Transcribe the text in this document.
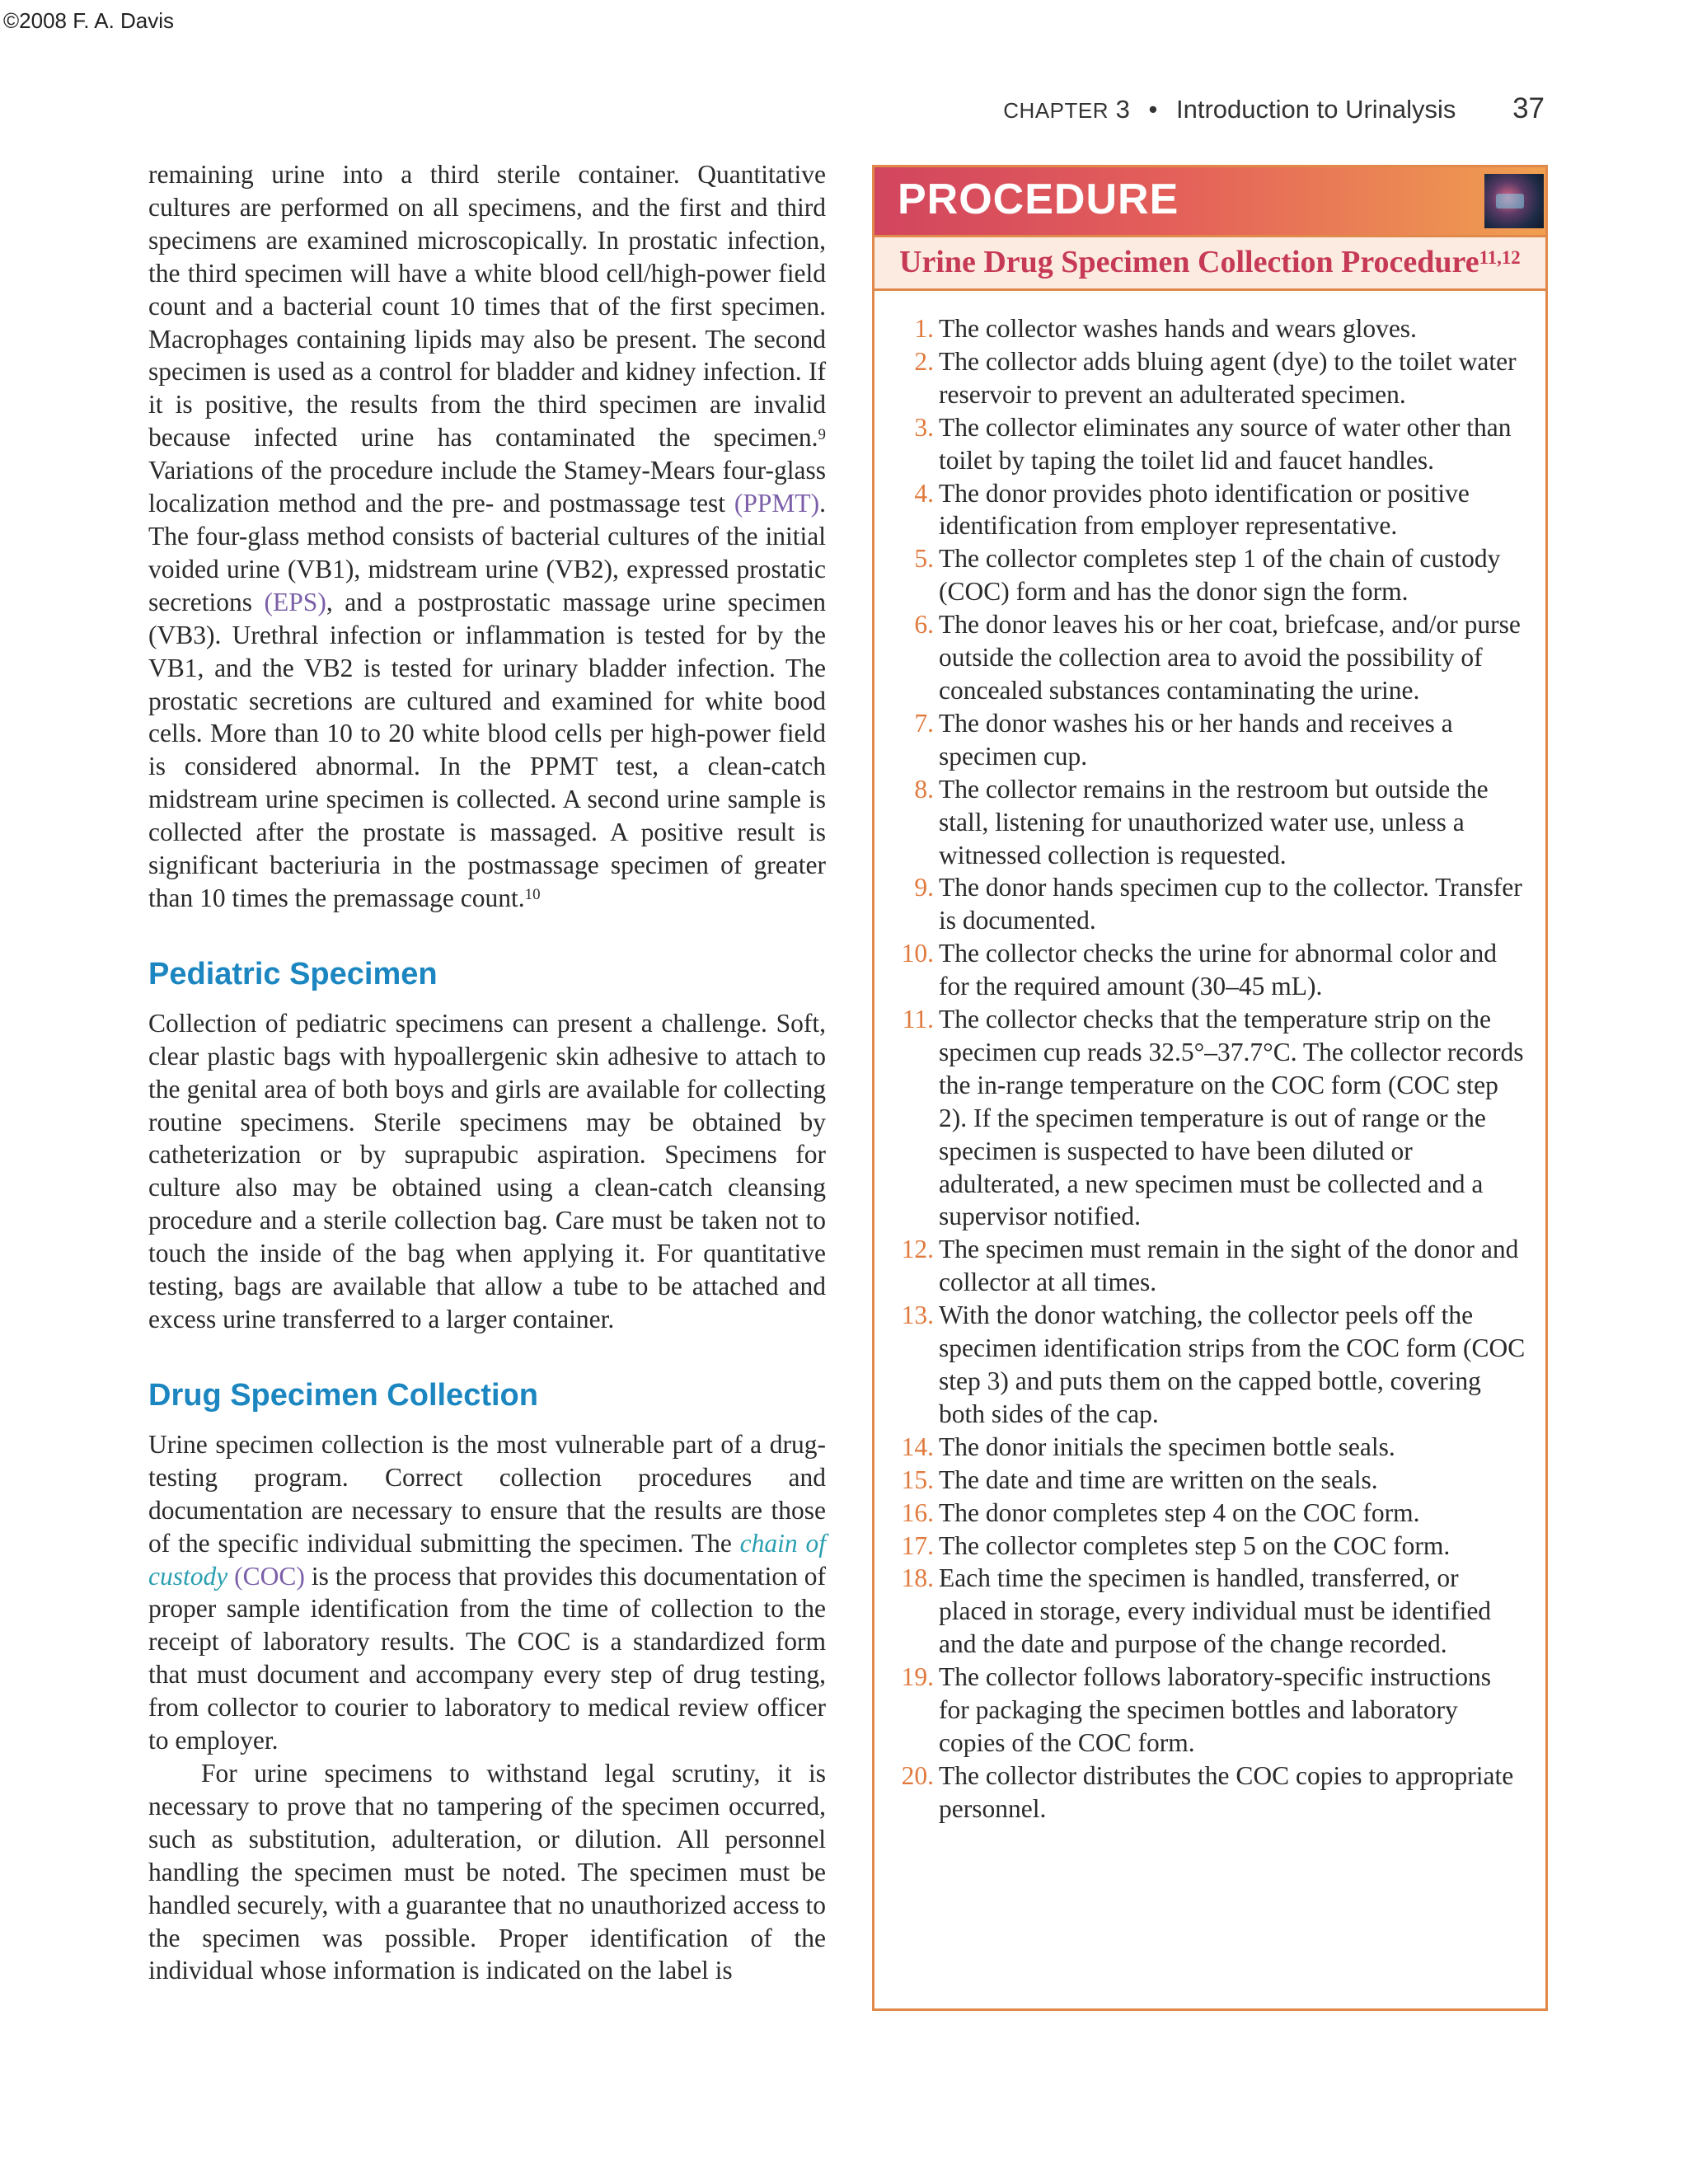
©2008 F. A. Davis
CHAPTER 3 • Introduction to Urinalysis 37

remaining urine into a third sterile container. Quantitative cultures are performed on all specimens, and the first and third specimens are examined microscopically. In prostatic infection, the third specimen will have a white blood cell/high-power field count and a bacterial count 10 times that of the first specimen. Macrophages containing lipids may also be present. The second specimen is used as a control for bladder and kidney infection. If it is positive, the results from the third specimen are invalid because infected urine has contaminated the specimen.$^9$ Variations of the procedure include the Stamey-Mears four-glass localization method and the pre- and postmassage test (PPMT). The four-glass method consists of bacterial cultures of the initial voided urine (VB1), midstream urine (VB2), expressed prostatic secretions (EPS), and a postprostatic massage urine specimen (VB3). Urethral infection or inflammation is tested for by the VB1, and the VB2 is tested for urinary bladder infection. The prostatic secretions are cultured and examined for white bood cells. More than 10 to 20 white blood cells per high-power field is considered abnormal. In the PPMT test, a clean-catch midstream urine specimen is collected. A second urine sample is collected after the prostate is massaged. A positive result is significant bacteriuria in the postmassage specimen of greater than 10 times the premassage count.$^{10}$

Pediatric Specimen

Collection of pediatric specimens can present a challenge. Soft, clear plastic bags with hypoallergenic skin adhesive to attach to the genital area of both boys and girls are available for collecting routine specimens. Sterile specimens may be obtained by catheterization or by suprapubic aspiration. Specimens for culture also may be obtained using a clean-catch cleansing procedure and a sterile collection bag. Care must be taken not to touch the inside of the bag when applying it. For quantitative testing, bags are available that allow a tube to be attached and excess urine transferred to a larger container.

Drug Specimen Collection

Urine specimen collection is the most vulnerable part of a drug-testing program. Correct collection procedures and documentation are necessary to ensure that the results are those of the specific individual submitting the specimen. The chain of custody (COC) is the process that provides this documentation of proper sample identification from the time of collection to the receipt of laboratory results. The COC is a standardized form that must document and accompany every step of drug testing, from collector to courier to laboratory to medical review officer to employer.

For urine specimens to withstand legal scrutiny, it is necessary to prove that no tampering of the specimen occurred, such as substitution, adulteration, or dilution. All personnel handling the specimen must be noted. The specimen must be handled securely, with a guarantee that no unauthorized access to the specimen was possible. Proper identification of the individual whose information is indicated on the label is

PROCEDURE
Urine Drug Specimen Collection Procedure$^{11,12}$
1. The collector washes hands and wears gloves.
2. The collector adds bluing agent (dye) to the toilet water reservoir to prevent an adulterated specimen.
3. The collector eliminates any source of water other than toilet by taping the toilet lid and faucet handles.
4. The donor provides photo identification or positive identification from employer representative.
5. The collector completes step 1 of the chain of custody (COC) form and has the donor sign the form.
6. The donor leaves his or her coat, briefcase, and/or purse outside the collection area to avoid the possibility of concealed substances contaminating the urine.
7. The donor washes his or her hands and receives a specimen cup.
8. The collector remains in the restroom but outside the stall, listening for unauthorized water use, unless a witnessed collection is requested.
9. The donor hands specimen cup to the collector. Transfer is documented.
10. The collector checks the urine for abnormal color and for the required amount (30–45 mL).
11. The collector checks that the temperature strip on the specimen cup reads 32.5°–37.7°C. The collector records the in-range temperature on the COC form (COC step 2). If the specimen temperature is out of range or the specimen is suspected to have been diluted or adulterated, a new specimen must be collected and a supervisor notified.
12. The specimen must remain in the sight of the donor and collector at all times.
13. With the donor watching, the collector peels off the specimen identification strips from the COC form (COC step 3) and puts them on the capped bottle, covering both sides of the cap.
14. The donor initials the specimen bottle seals.
15. The date and time are written on the seals.
16. The donor completes step 4 on the COC form.
17. The collector completes step 5 on the COC form.
18. Each time the specimen is handled, transferred, or placed in storage, every individual must be identified and the date and purpose of the change recorded.
19. The collector follows laboratory-specific instructions for packaging the specimen bottles and laboratory copies of the COC form.
20. The collector distributes the COC copies to appropriate personnel.
